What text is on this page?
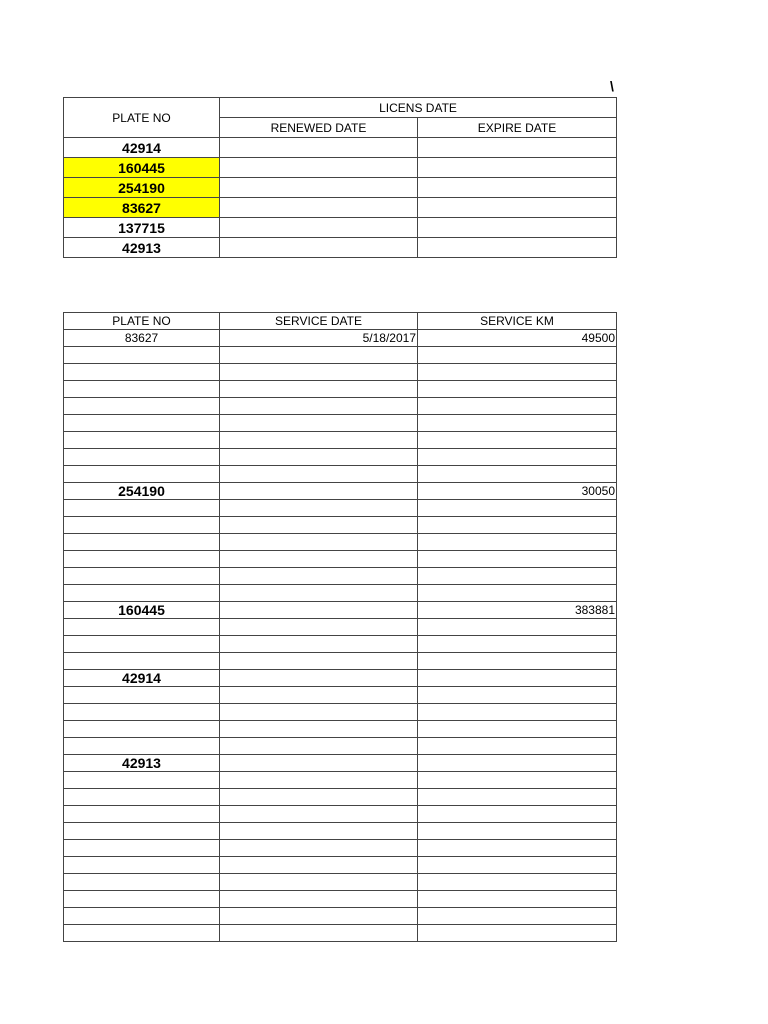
\
PLATE NO	LICENS DATE	
	RENEWED DATE	EXPIRE DATE
42914		
160445		
254190		
83627		
137715		
42913		
PLATE NO	SERVICE DATE	SERVICE KM
83627	5/18/2017	49500

254190		30050

160445		383881

42914		

42913		
